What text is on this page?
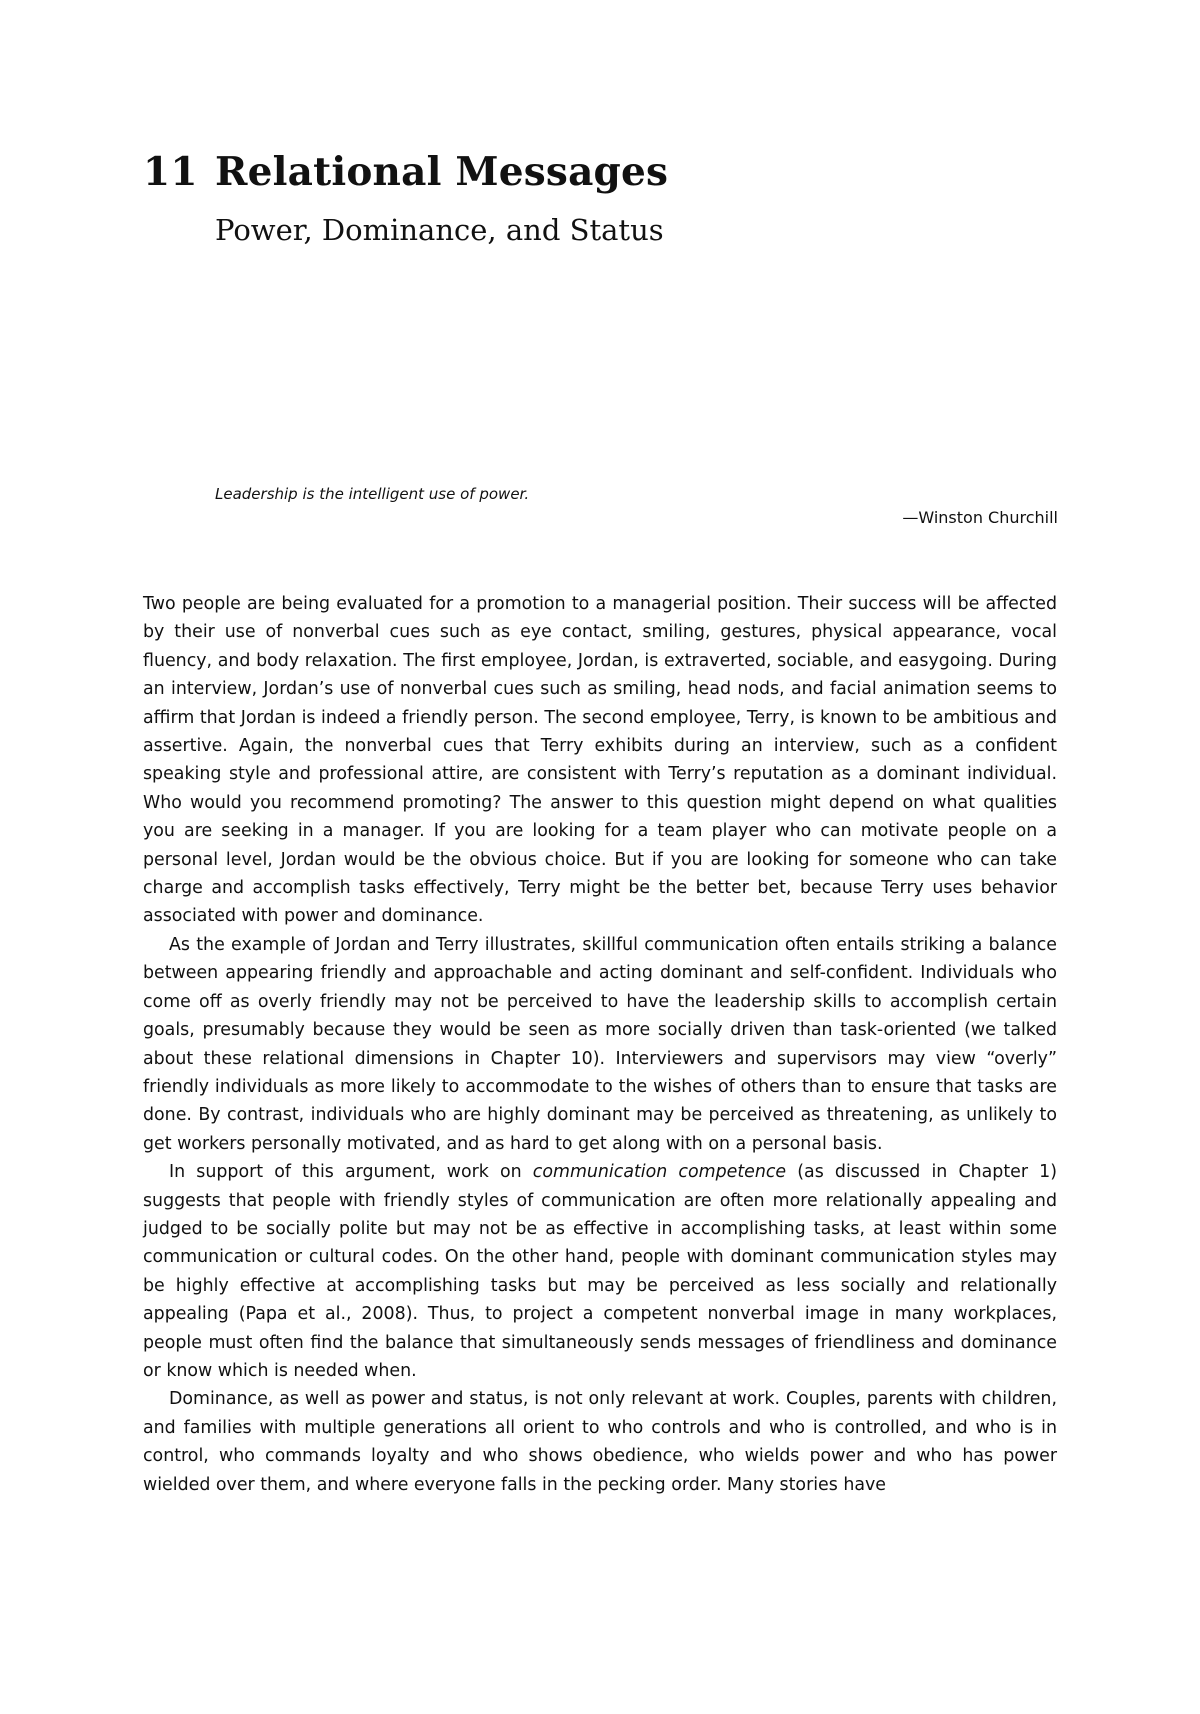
11 Relational Messages
Power, Dominance, and Status
Leadership is the intelligent use of power.
—Winston Churchill

Two people are being evaluated for a promotion to a managerial position. Their success will be affected by their use of nonverbal cues such as eye contact, smiling, gestures, physical appearance, vocal fluency, and body relaxation. The first employee, Jordan, is extraverted, sociable, and easygoing. During an interview, Jordan’s use of nonverbal cues such as smiling, head nods, and facial animation seems to affirm that Jordan is indeed a friendly person. The second employee, Terry, is known to be ambitious and assertive. Again, the nonverbal cues that Terry exhibits during an interview, such as a confident speaking style and professional attire, are consistent with Terry’s reputation as a dominant individual. Who would you recommend promoting? The answer to this question might depend on what qualities you are seeking in a manager. If you are looking for a team player who can motivate people on a personal level, Jordan would be the obvious choice. But if you are looking for someone who can take charge and accomplish tasks effectively, Terry might be the better bet, because Terry uses behavior associated with power and dominance.

As the example of Jordan and Terry illustrates, skillful communication often entails striking a balance between appearing friendly and approachable and acting dominant and self-confident. Individuals who come off as overly friendly may not be perceived to have the leadership skills to accomplish certain goals, presumably because they would be seen as more socially driven than task-oriented (we talked about these relational dimensions in Chapter 10). Interviewers and supervisors may view “overly” friendly individuals as more likely to accommodate to the wishes of others than to ensure that tasks are done. By contrast, individuals who are highly dominant may be perceived as threatening, as unlikely to get workers personally motivated, and as hard to get along with on a personal basis.

In support of this argument, work on communication competence (as discussed in Chapter 1) suggests that people with friendly styles of communication are often more relationally appealing and judged to be socially polite but may not be as effective in accomplishing tasks, at least within some communication or cultural codes. On the other hand, people with dominant communication styles may be highly effective at accomplishing tasks but may be perceived as less socially and relationally appealing (Papa et al., 2008). Thus, to project a competent nonverbal image in many workplaces, people must often find the balance that simultaneously sends messages of friendliness and dominance or know which is needed when.

Dominance, as well as power and status, is not only relevant at work. Couples, parents with children, and families with multiple generations all orient to who controls and who is controlled, and who is in control, who commands loyalty and who shows obedience, who wields power and who has power wielded over them, and where everyone falls in the pecking order. Many stories have
